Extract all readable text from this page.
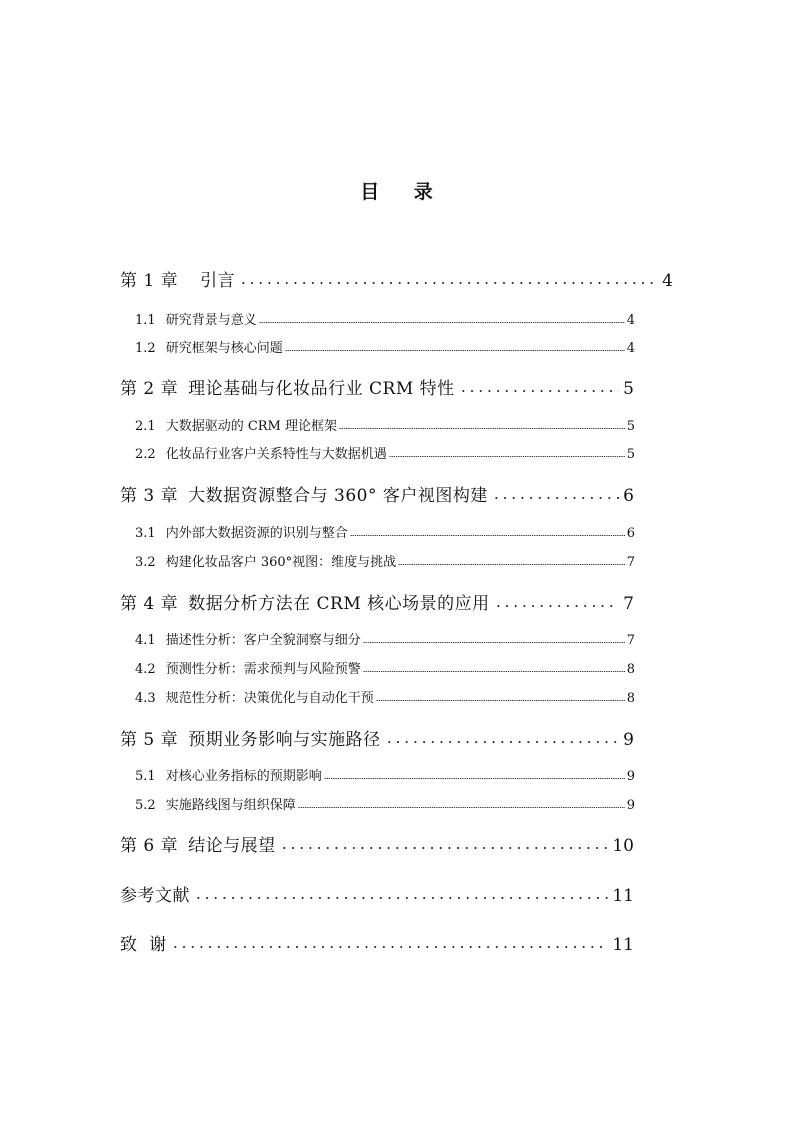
目 录
第 1 章 引言	4
1.1 研究背景与意义	4
1.2 研究框架与核心问题	4
第 2 章 理论基础与化妆品行业 CRM 特性	5
2.1 大数据驱动的 CRM 理论框架	5
2.2 化妆品行业客户关系特性与大数据机遇	5
第 3 章 大数据资源整合与 360° 客户视图构建	6
3.1 内外部大数据资源的识别与整合	6
3.2 构建化妆品客户 360°视图：维度与挑战	7
第 4 章 数据分析方法在 CRM 核心场景的应用	7
4.1 描述性分析：客户全貌洞察与细分	7
4.2 预测性分析：需求预判与风险预警	8
4.3 规范性分析：决策优化与自动化干预	8
第 5 章 预期业务影响与实施路径	9
5.1 对核心业务指标的预期影响	9
5.2 实施路线图与组织保障	9
第 6 章 结论与展望	10
参考文献	11
致  谢	11
